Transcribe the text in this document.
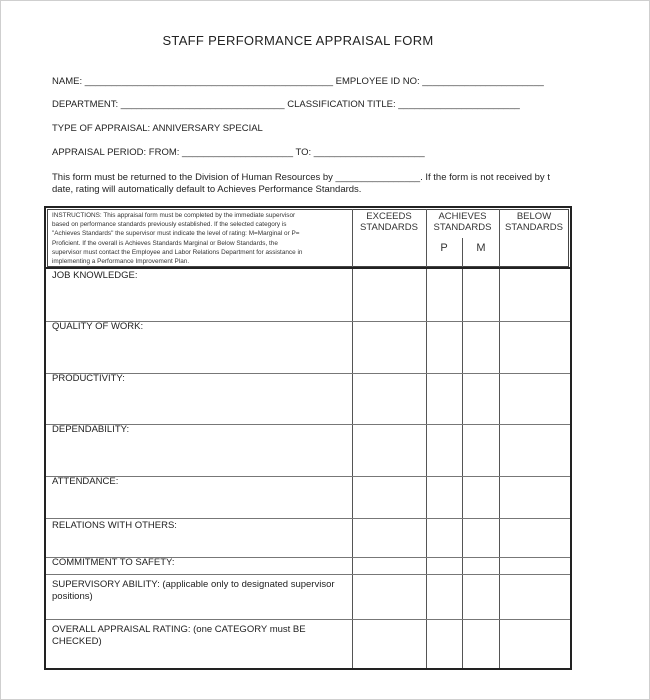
STAFF PERFORMANCE APPRAISAL FORM
NAME: _______________________________________________ EMPLOYEE ID NO: _______________________
DEPARTMENT: _______________________________ CLASSIFICATION TITLE: _______________________
TYPE OF APPRAISAL: ANNIVERSARY SPECIAL
APPRAISAL PERIOD: FROM: _____________________ TO: _____________________
This form must be returned to the Division of Human Resources by ________________. If the form is not received by t
date, rating will automatically default to Achieves Performance Standards.
INSTRUCTIONS: This appraisal form must be completed by the immediate supervisor
based on performance standards previously established. If the selected category is
"Achieves Standards" the supervisor must indicate the level of rating: M=Marginal or P=
Proficient. If the overall is Achieves Standards Marginal or Below Standards, the
supervisor must contact the Employee and Labor Relations Department for assistance in
implementing a Performance Improvement Plan.
EXCEEDS
STANDARDS
ACHIEVES
STANDARDS
P	M
BELOW
STANDARDS
JOB KNOWLEDGE:
QUALITY OF WORK:
PRODUCTIVITY:
DEPENDABILITY:
ATTENDANCE:
RELATIONS WITH OTHERS:
COMMITMENT TO SAFETY:
SUPERVISORY ABILITY: (applicable only to designated supervisor
positions)
OVERALL APPRAISAL RATING: (one CATEGORY must BE
CHECKED)
